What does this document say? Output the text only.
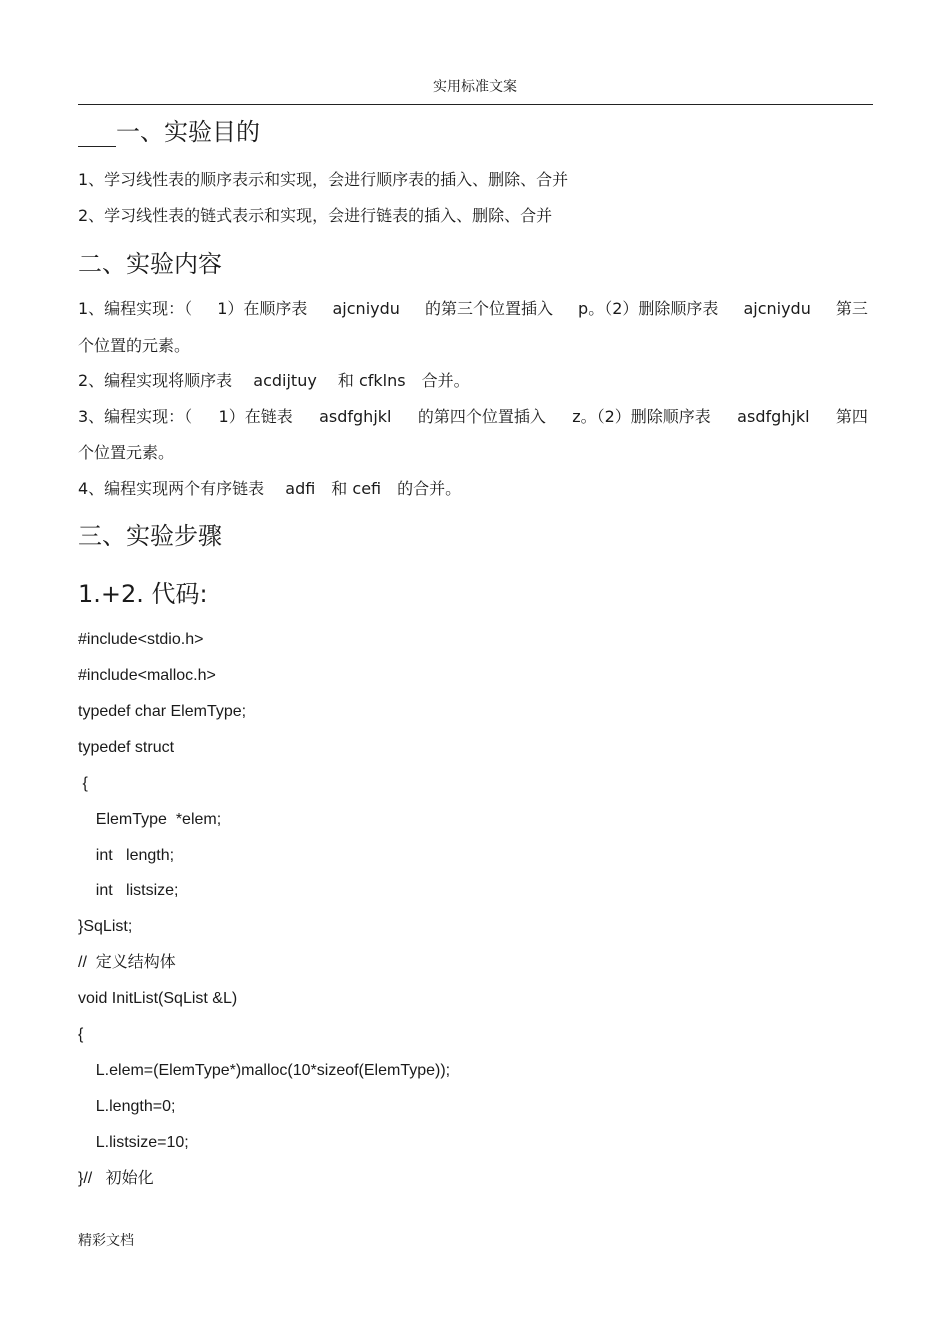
实用标准文案
一、实验目的
1、学习线性表的顺序表示和实现，会进行顺序表的插入、删除、合并
2、学习线性表的链式表示和实现，会进行链表的插入、删除、合并
二、实验内容
1、编程实现：（ 1）在顺序表 ajcniydu 的第三个位置插入 p。（2）删除顺序表 ajcniydu 第三
个位置的元素。
2、编程实现将顺序表　 acdijtuy　 和 cfklns　合并。
3、编程实现：（ 1）在链表 asdfghjkl 的第四个位置插入 z。（2）删除顺序表 asdfghjkl 第四
个位置元素。
4、编程实现两个有序链表　 adfi　和 cefi　的合并。
三、实验步骤
1.+2. 代码:
#include<stdio.h>
#include<malloc.h>
typedef char ElemType;
typedef struct
{
ElemType  *elem;
int   length;
int   listsize;
}SqList;
//  定义结构体
void InitList(SqList &L)
{
L.elem=(ElemType*)malloc(10*sizeof(ElemType));
L.length=0;
L.listsize=10;
}//   初始化
精彩文档
